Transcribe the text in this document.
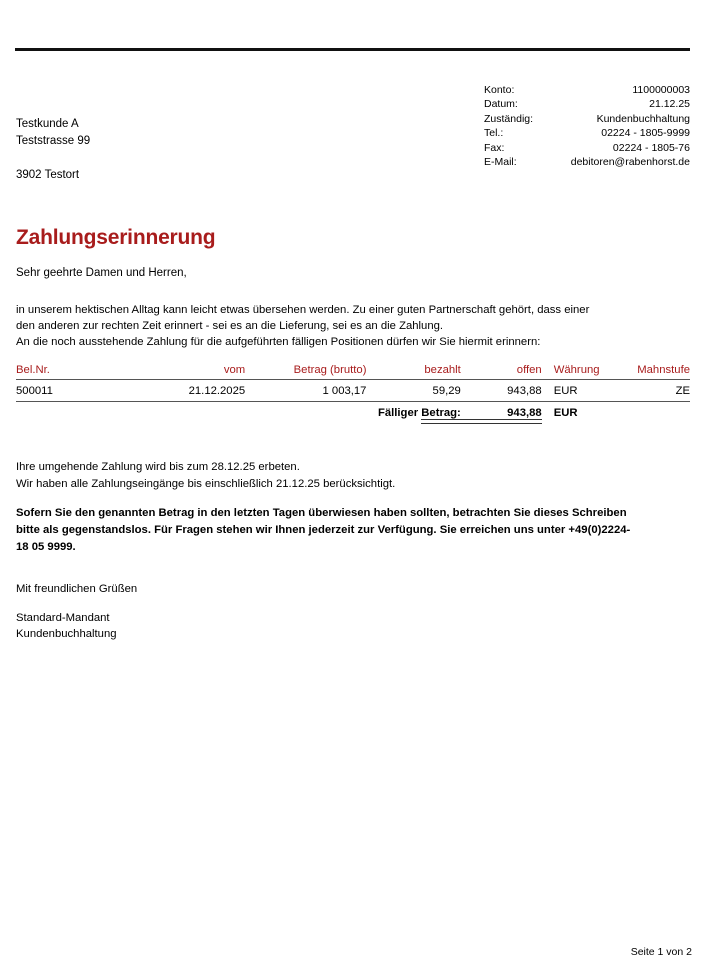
Konto:	1100000003
Datum:	21.12.25
Zuständig:	Kundenbuchhaltung
Tel.:	02224 - 1805-9999
Fax:	02224 - 1805-76
E-Mail:	debitoren@rabenhorst.de
Testkunde A
Teststrasse 99
3902 Testort
Zahlungserinnerung
Sehr geehrte Damen und Herren,
in unserem hektischen Alltag kann leicht etwas übersehen werden. Zu einer guten Partnerschaft gehört, dass einer
den anderen zur rechten Zeit erinnert - sei es an die Lieferung, sei es an die Zahlung.
An die noch ausstehende Zahlung für die aufgeführten fälligen Positionen dürfen wir Sie hiermit erinnern:
Bel.Nr.	vom	Betrag (brutto)	bezahlt	offen	Währung	Mahnstufe
500011	21.12.2025	1 003,17	59,29	943,88	EUR	ZE
			Fälliger Betrag:	943,88	EUR	
Ihre umgehende Zahlung wird bis zum 28.12.25 erbeten.
Wir haben alle Zahlungseingänge bis einschließlich 21.12.25 berücksichtigt.
Sofern Sie den genannten Betrag in den letzten Tagen überwiesen haben sollten, betrachten Sie dieses Schreiben
bitte als gegenstandslos. Für Fragen stehen wir Ihnen jederzeit zur Verfügung. Sie erreichen uns unter +49(0)2224-
18 05 9999.
Mit freundlichen Grüßen
Standard-Mandant
Kundenbuchhaltung
Seite 1 von 2
